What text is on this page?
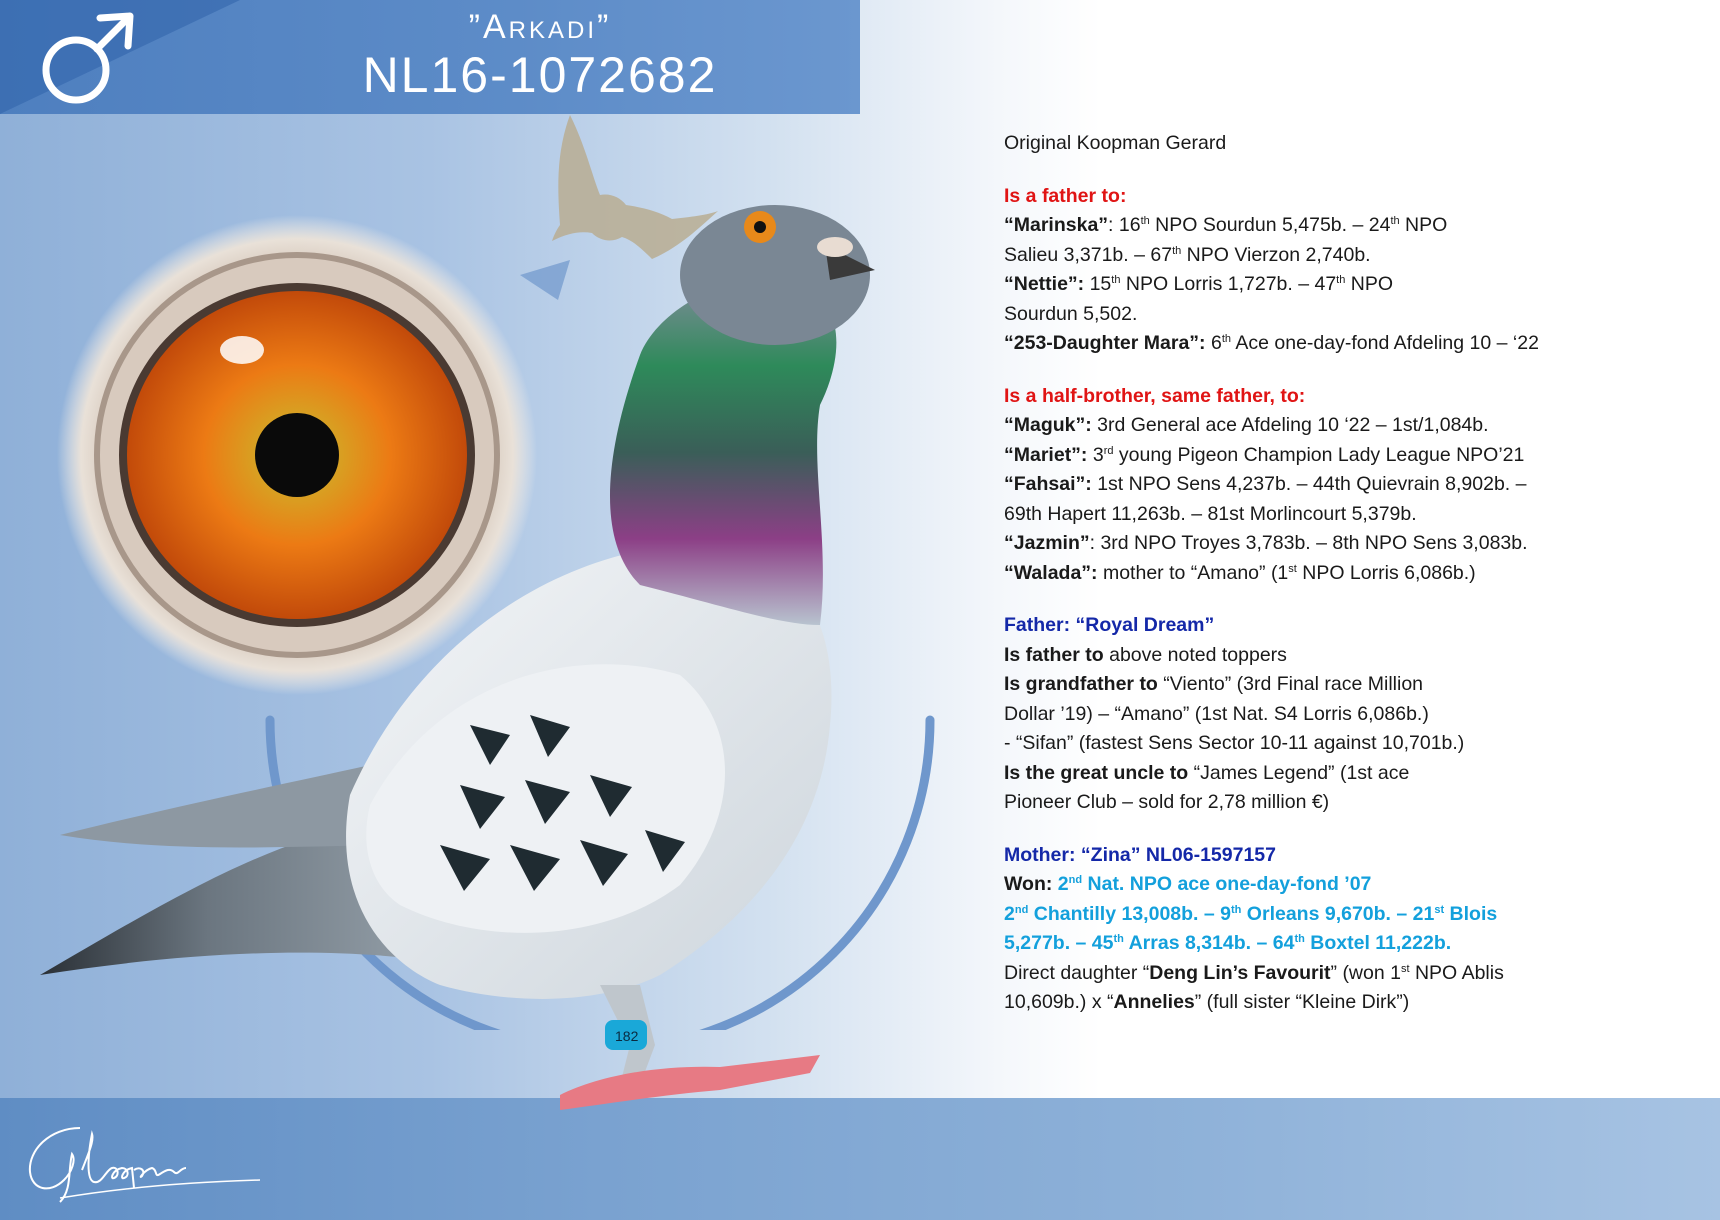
182
”Arkadi”
NL16-1072682

Original Koopman Gerard

Is a father to:

“Marinska”: 16th NPO Sourdun 5,475b. – 24th NPO

Salieu 3,371b. – 67th NPO Vierzon 2,740b.

“Nettie”: 15th NPO Lorris 1,727b. – 47th NPO

Sourdun 5,502.

“253-Daughter Mara”: 6th Ace one-day-fond Afdeling 10 – ‘22

Is a half-brother, same father, to:

“Maguk”: 3rd General ace Afdeling 10 ‘22 – 1st/1,084b.

“Mariet”: 3rd young Pigeon Champion Lady League NPO’21

“Fahsai”: 1st NPO Sens 4,237b. – 44th Quievrain 8,902b. –

69th Hapert 11,263b. – 81st Morlincourt 5,379b.

“Jazmin”: 3rd NPO Troyes 3,783b. – 8th NPO Sens 3,083b.

“Walada”: mother to “Amano” (1st NPO Lorris 6,086b.)

Father: “Royal Dream”

Is father to above noted toppers

Is grandfather to “Viento” (3rd Final race Million

Dollar ’19) – “Amano” (1st Nat. S4 Lorris 6,086b.)

- “Sifan” (fastest Sens Sector 10-11 against 10,701b.)

Is the great uncle to “James Legend” (1st ace

Pioneer Club – sold for 2,78 million €)

Mother: “Zina” NL06-1597157

Won: 2nd Nat. NPO ace one-day-fond ’07

2nd Chantilly 13,008b. – 9th Orleans 9,670b. – 21st Blois

5,277b. – 45th Arras 8,314b. – 64th Boxtel 11,222b.

Direct daughter “Deng Lin’s Favourit” (won 1st NPO Ablis

10,609b.) x “Annelies” (full sister “Kleine Dirk”)
